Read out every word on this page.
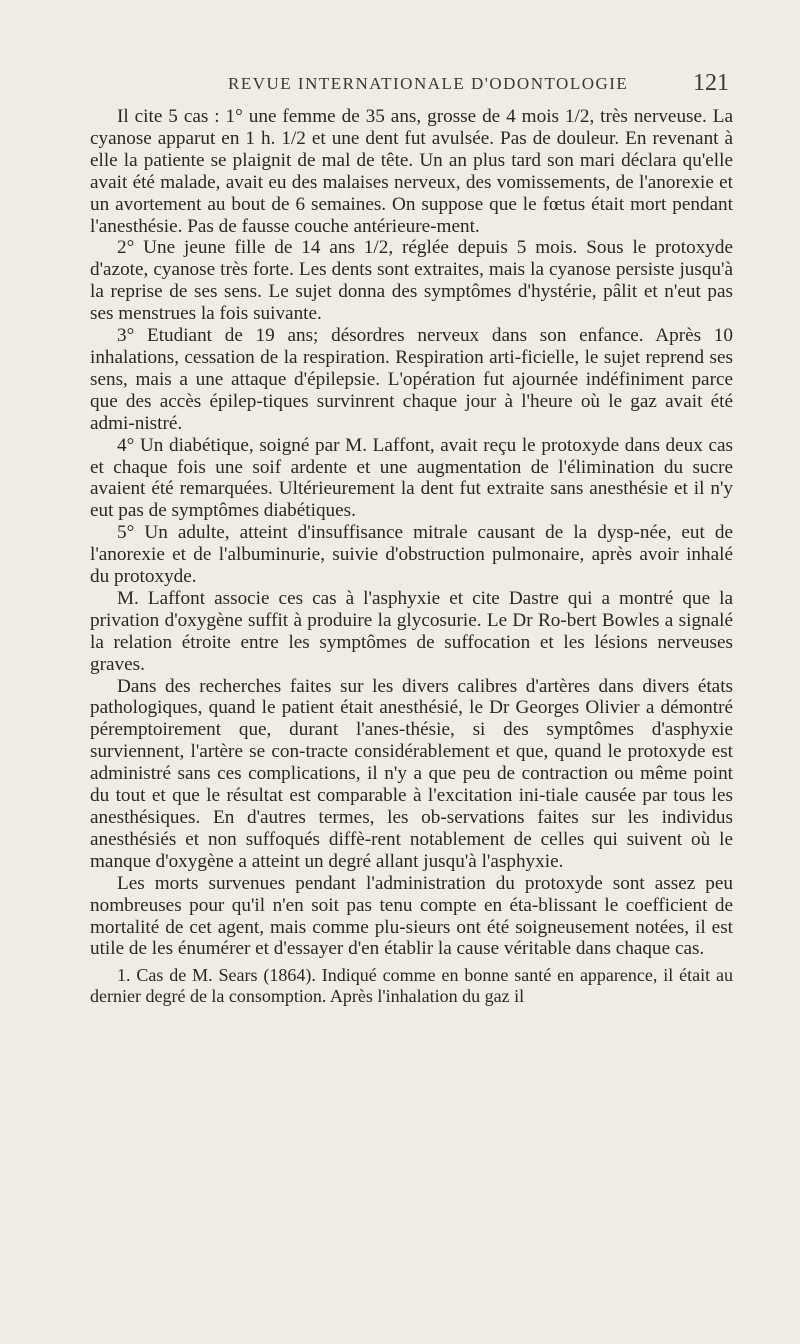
REVUE INTERNATIONALE D'ODONTOLOGIE	121

Il cite 5 cas : 1° une femme de 35 ans, grosse de 4 mois 1/2, très nerveuse. La cyanose apparut en 1 h. 1/2 et une dent fut avulsée. Pas de douleur. En revenant à elle la patiente se plaignit de mal de tête. Un an plus tard son mari déclara qu'elle avait été malade, avait eu des malaises nerveux, des vomissements, de l'anorexie et un avortement au bout de 6 semaines. On suppose que le fœtus était mort pendant l'anesthésie. Pas de fausse couche antérieure-ment.

2° Une jeune fille de 14 ans 1/2, réglée depuis 5 mois. Sous le protoxyde d'azote, cyanose très forte. Les dents sont extraites, mais la cyanose persiste jusqu'à la reprise de ses sens. Le sujet donna des symptômes d'hystérie, pâlit et n'eut pas ses menstrues la fois suivante.

3° Etudiant de 19 ans; désordres nerveux dans son enfance. Après 10 inhalations, cessation de la respiration. Respiration arti-ficielle, le sujet reprend ses sens, mais a une attaque d'épilepsie. L'opération fut ajournée indéfiniment parce que des accès épilep-tiques survinrent chaque jour à l'heure où le gaz avait été admi-nistré.

4° Un diabétique, soigné par M. Laffont, avait reçu le protoxyde dans deux cas et chaque fois une soif ardente et une augmentation de l'élimination du sucre avaient été remarquées. Ultérieurement la dent fut extraite sans anesthésie et il n'y eut pas de symptômes diabétiques.

5° Un adulte, atteint d'insuffisance mitrale causant de la dysp-née, eut de l'anorexie et de l'albuminurie, suivie d'obstruction pulmonaire, après avoir inhalé du protoxyde.

M. Laffont associe ces cas à l'asphyxie et cite Dastre qui a montré que la privation d'oxygène suffit à produire la glycosurie. Le Dr Ro-bert Bowles a signalé la relation étroite entre les symptômes de suffocation et les lésions nerveuses graves.

Dans des recherches faites sur les divers calibres d'artères dans divers états pathologiques, quand le patient était anesthésié, le Dr Georges Olivier a démontré péremptoirement que, durant l'anes-thésie, si des symptômes d'asphyxie surviennent, l'artère se con-tracte considérablement et que, quand le protoxyde est administré sans ces complications, il n'y a que peu de contraction ou même point du tout et que le résultat est comparable à l'excitation ini-tiale causée par tous les anesthésiques. En d'autres termes, les ob-servations faites sur les individus anesthésiés et non suffoqués diffè-rent notablement de celles qui suivent où le manque d'oxygène a atteint un degré allant jusqu'à l'asphyxie.

Les morts survenues pendant l'administration du protoxyde sont assez peu nombreuses pour qu'il n'en soit pas tenu compte en éta-blissant le coefficient de mortalité de cet agent, mais comme plu-sieurs ont été soigneusement notées, il est utile de les énumérer et d'essayer d'en établir la cause véritable dans chaque cas.

1. Cas de M. Sears (1864). Indiqué comme en bonne santé en apparence, il était au dernier degré de la consomption. Après l'inhalation du gaz il
